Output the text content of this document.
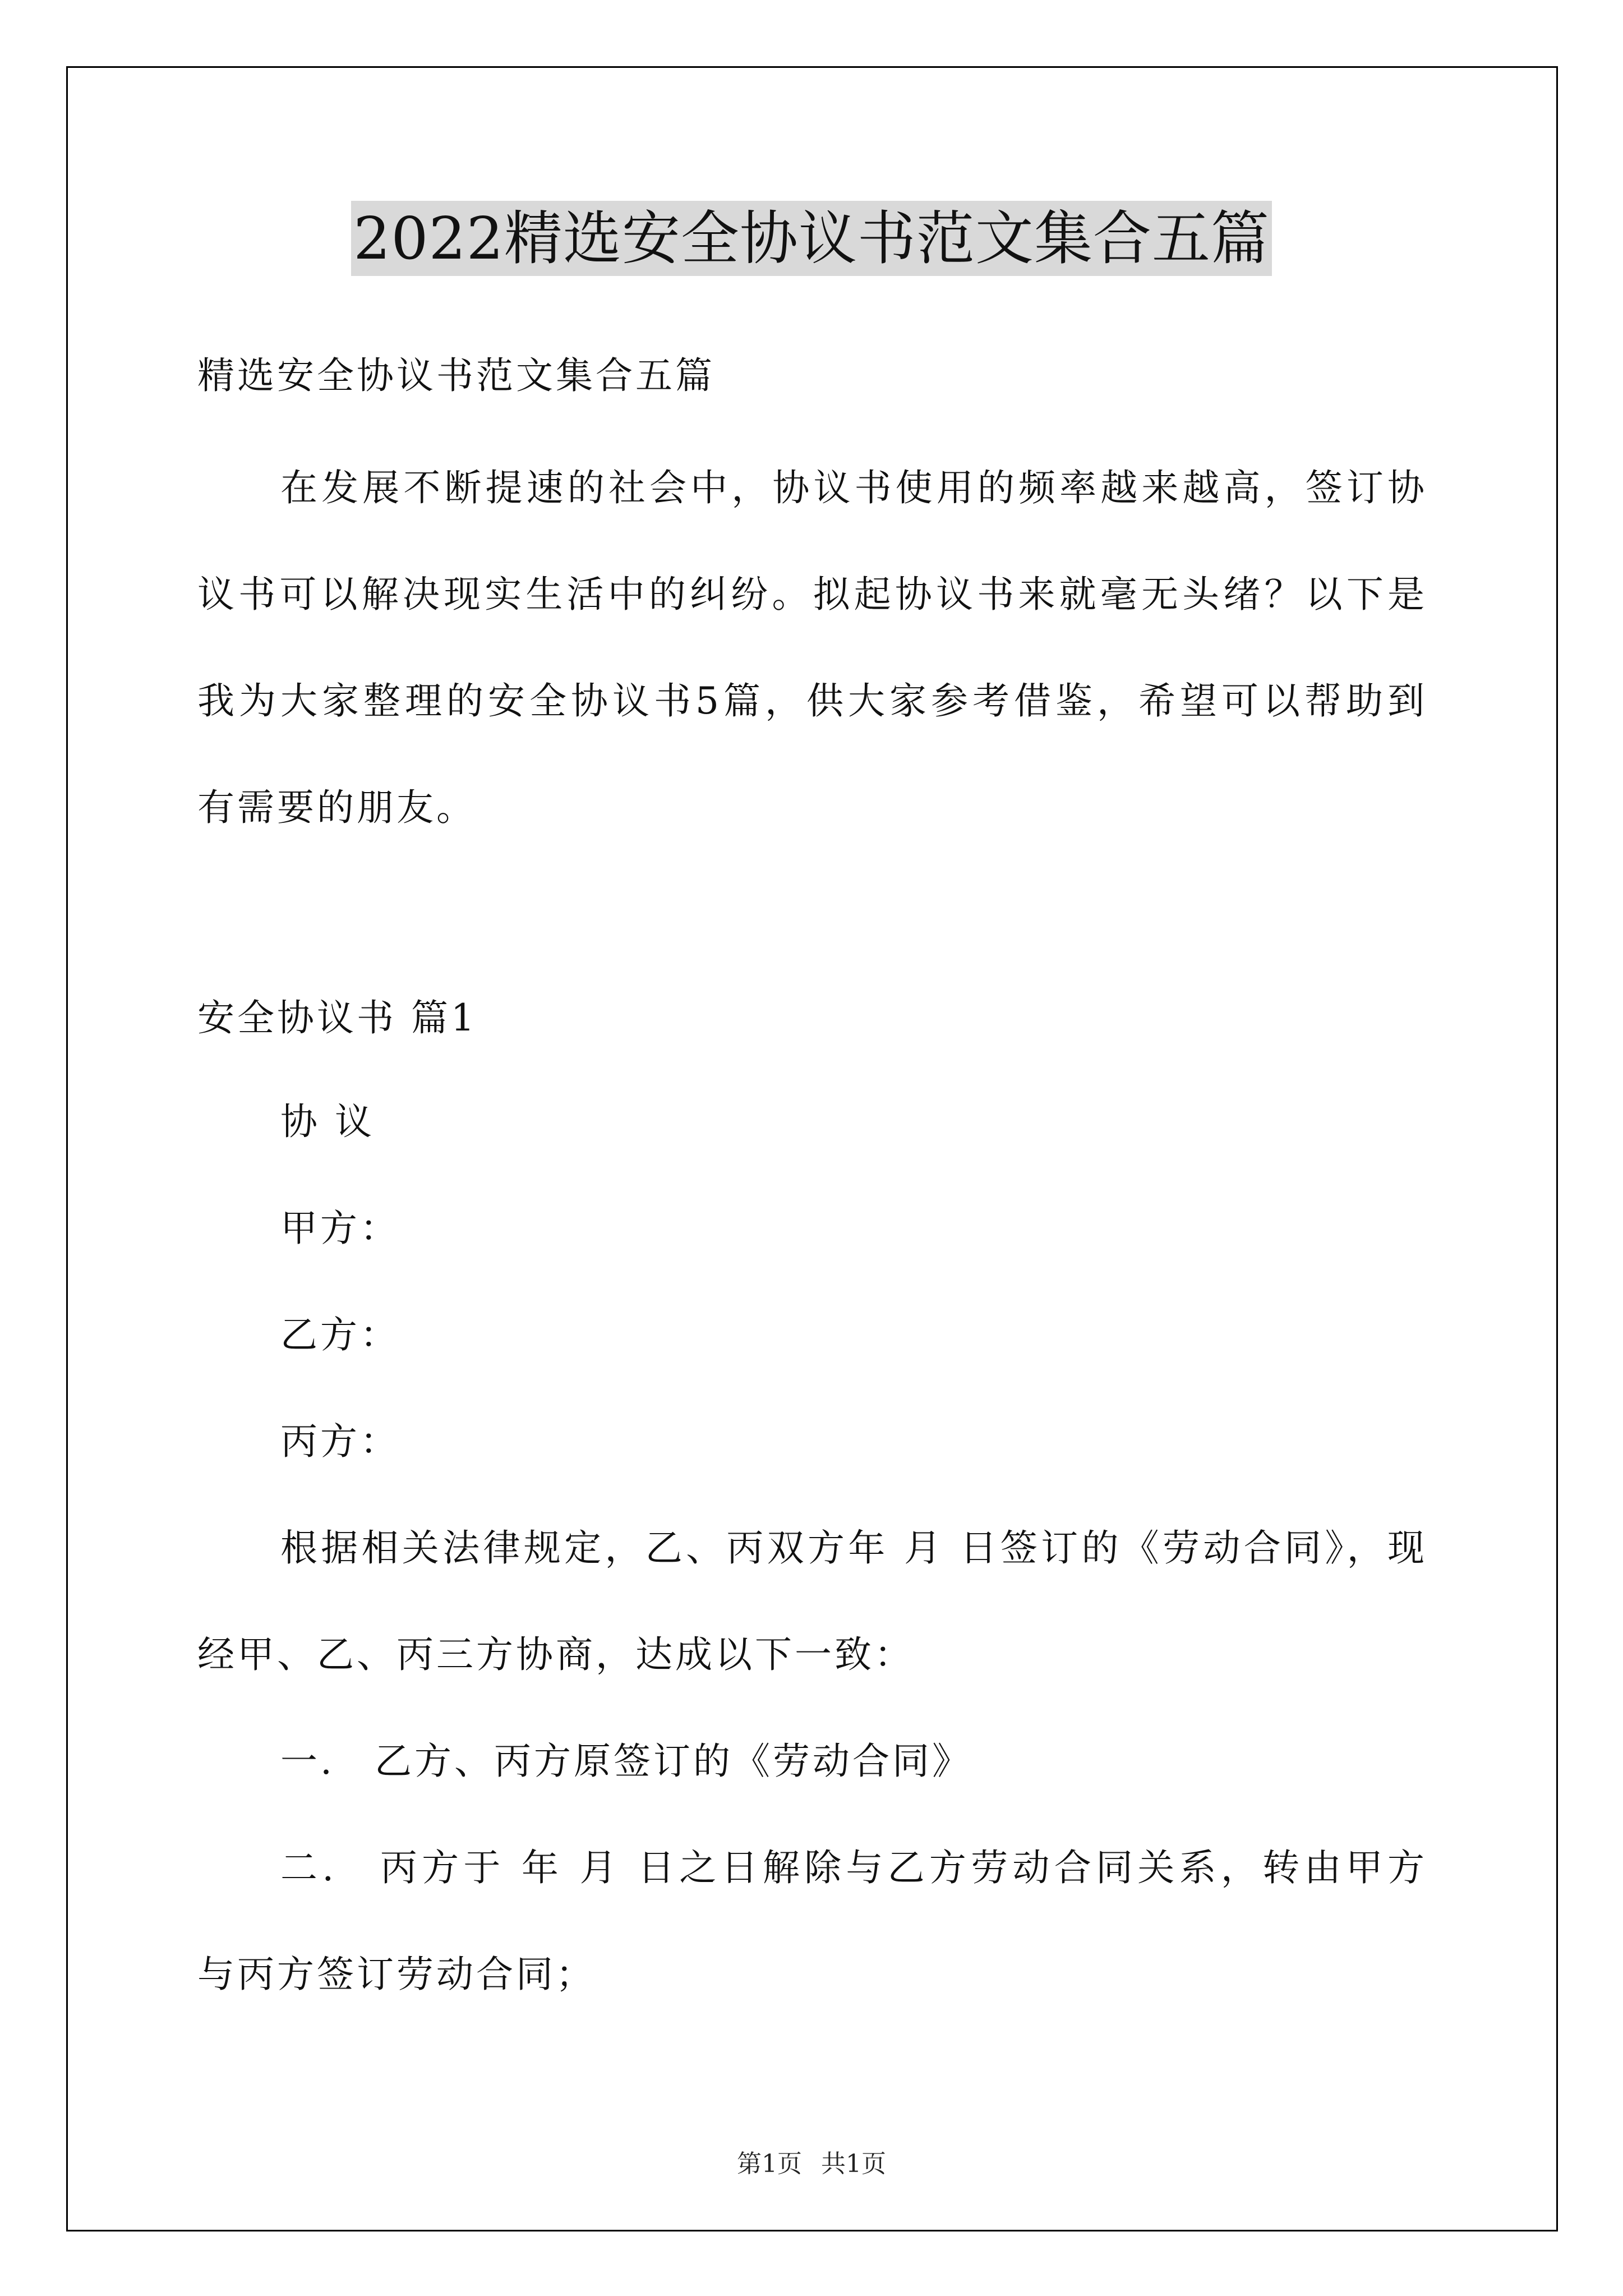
2022精选安全协议书范文集合五篇
精选安全协议书范文集合五篇
在发展不断提速的社会中，协议书使用的频率越来越高，签订协
议书可以解决现实生活中的纠纷。拟起协议书来就毫无头绪？以下是
我为大家整理的安全协议书5篇，供大家参考借鉴，希望可以帮助到
有需要的朋友。
安全协议书 篇1
协 议
甲方：
乙方：
丙方：
根据相关法律规定，乙、丙双方年 月 日签订的《劳动合同》，现
经甲、乙、丙三方协商，达成以下一致：
一.　乙方、丙方原签订的《劳动合同》
二.　丙方于 年 月 日之日解除与乙方劳动合同关系，转由甲方
与丙方签订劳动合同；
第1页 共1页
